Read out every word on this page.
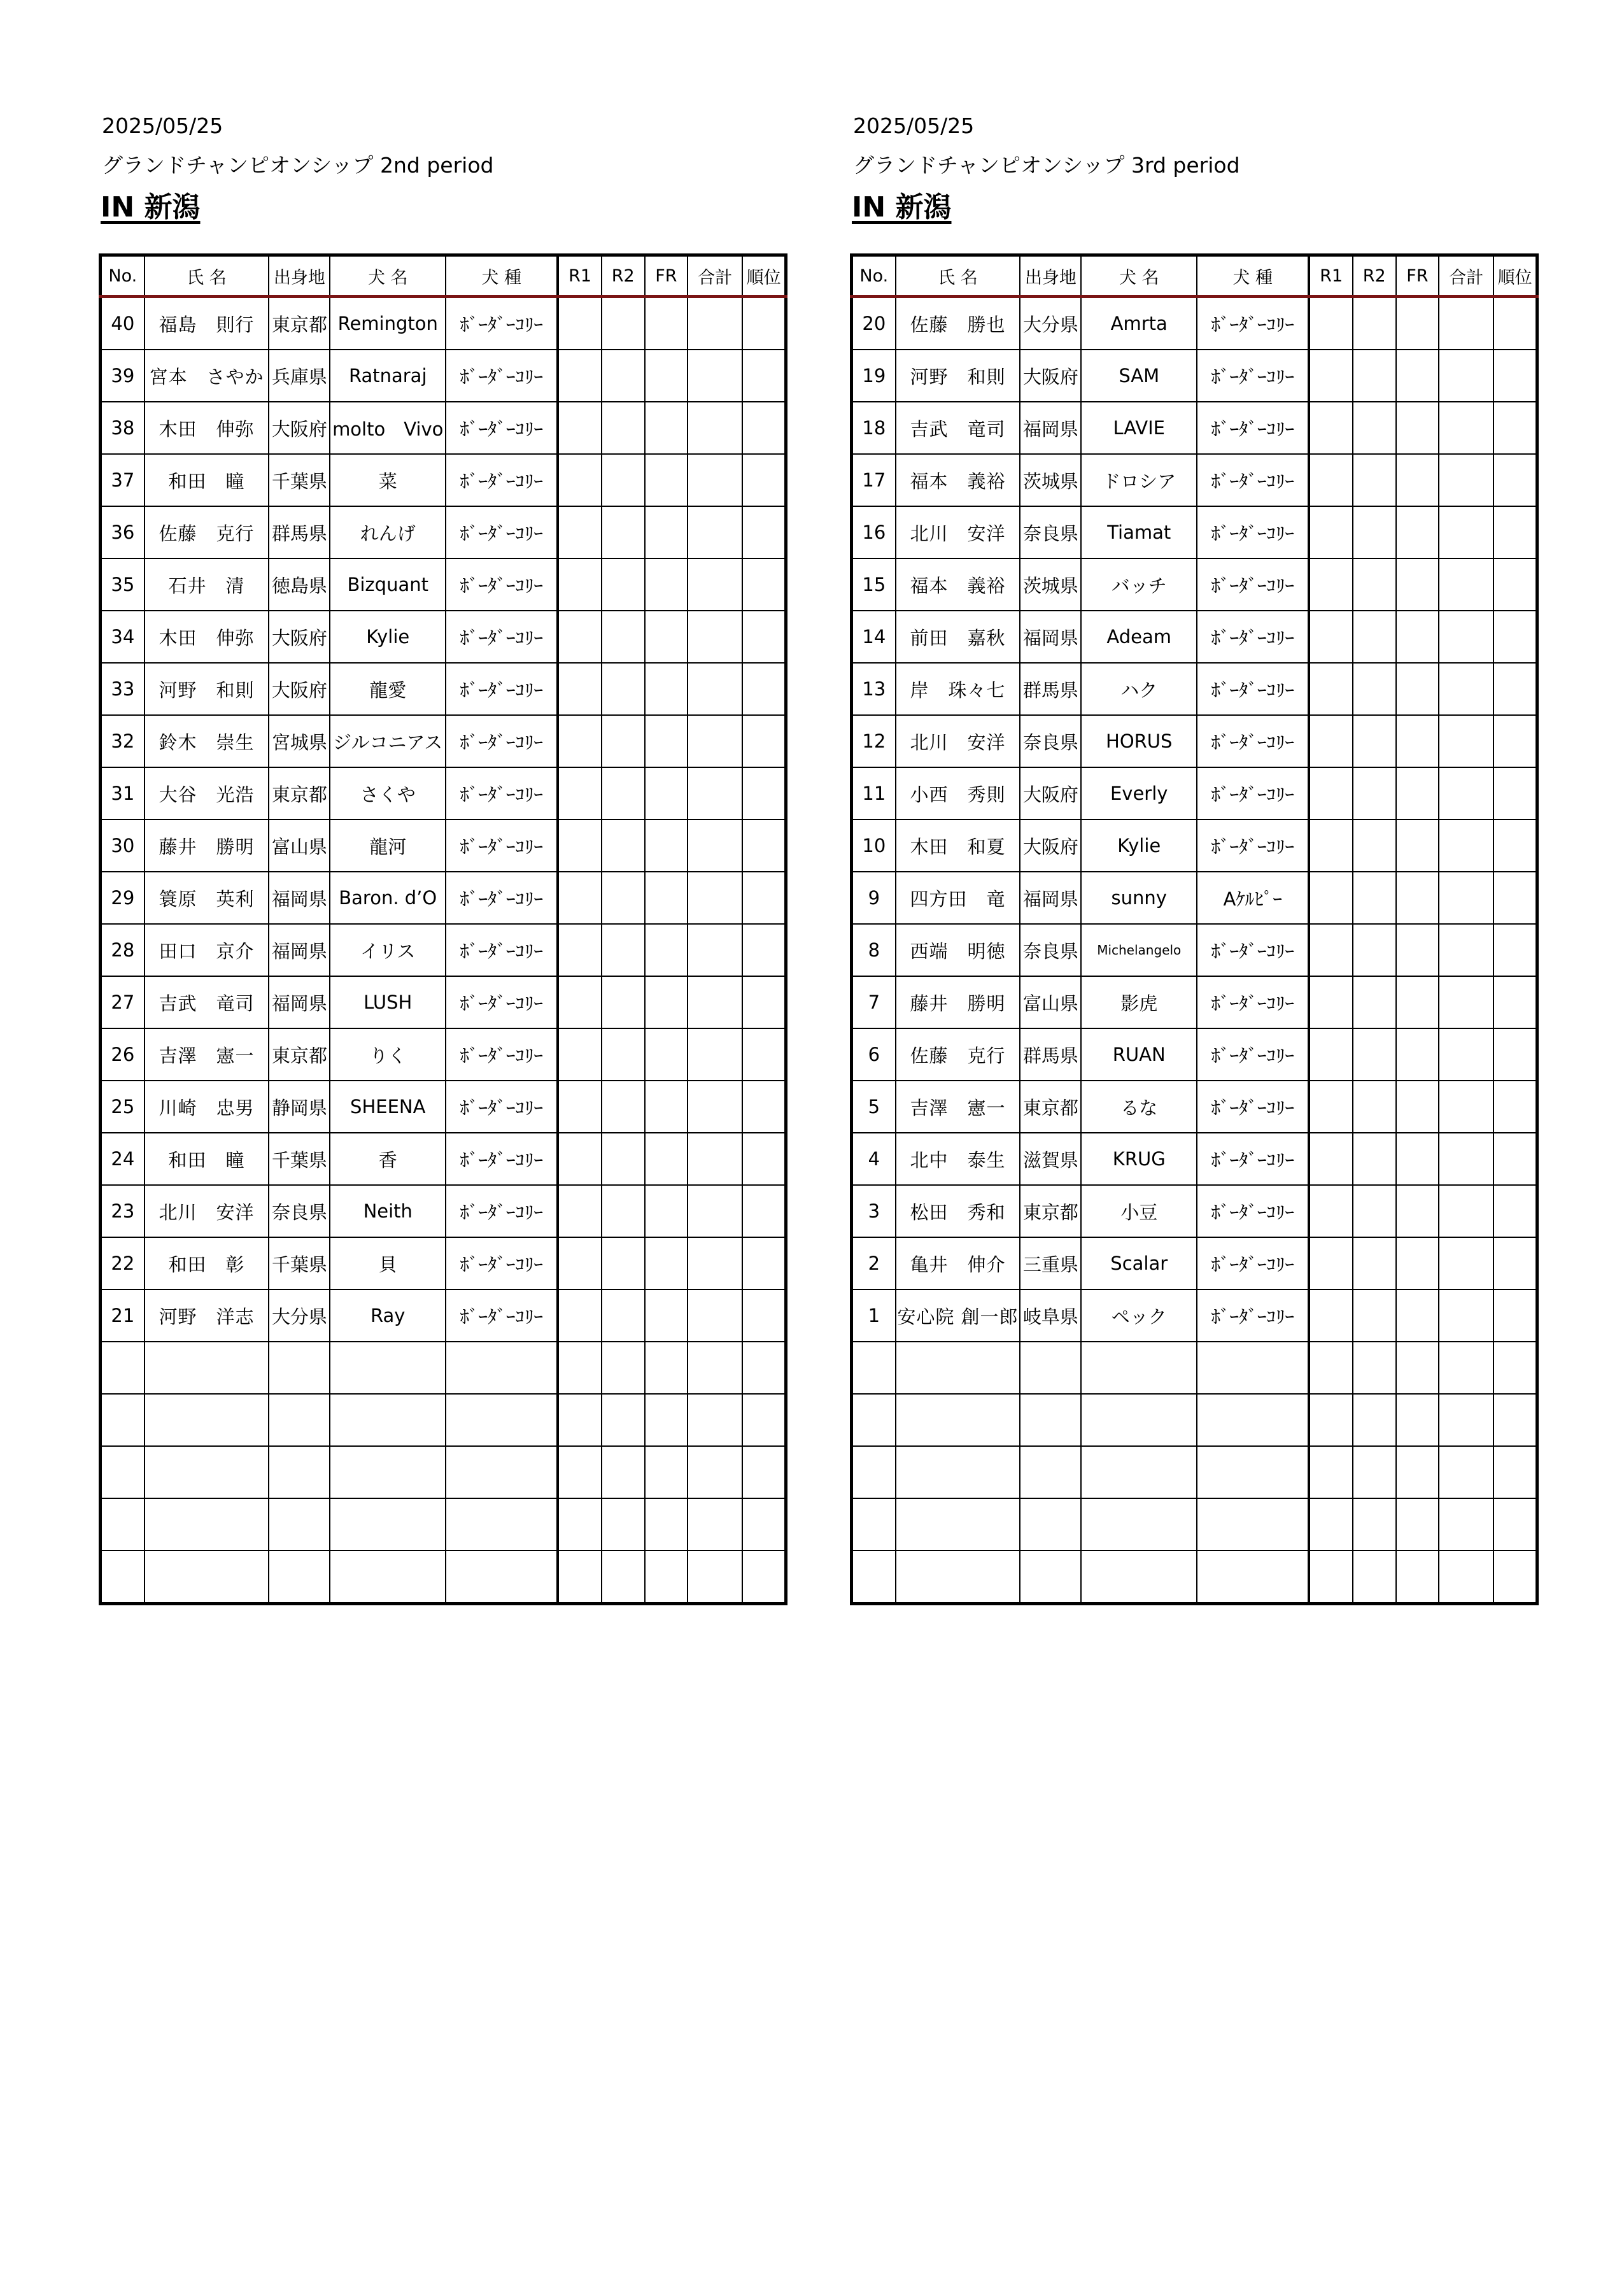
2025/05/25
グランドチャンピオンシップ 2nd period
IN 新潟
No.	氏 名	出身地	犬 名	犬 種	R1	R2	FR	合計	順位
40	福島　則行	東京都	Remington	ﾎﾞｰﾀﾞｰｺﾘｰ					
39	宮本　さやか	兵庫県	Ratnaraj	ﾎﾞｰﾀﾞｰｺﾘｰ					
38	木田　伸弥	大阪府	molto　Vivo	ﾎﾞｰﾀﾞｰｺﾘｰ					
37	和田　瞳	千葉県	菜	ﾎﾞｰﾀﾞｰｺﾘｰ					
36	佐藤　克行	群馬県	れんげ	ﾎﾞｰﾀﾞｰｺﾘｰ					
35	石井　清	徳島県	Bizquant	ﾎﾞｰﾀﾞｰｺﾘｰ					
34	木田　伸弥	大阪府	Kylie	ﾎﾞｰﾀﾞｰｺﾘｰ					
33	河野　和則	大阪府	龍愛	ﾎﾞｰﾀﾞｰｺﾘｰ					
32	鈴木　崇生	宮城県	ジルコニアス	ﾎﾞｰﾀﾞｰｺﾘｰ					
31	大谷　光浩	東京都	さくや	ﾎﾞｰﾀﾞｰｺﾘｰ					
30	藤井　勝明	富山県	龍河	ﾎﾞｰﾀﾞｰｺﾘｰ					
29	簑原　英利	福岡県	Baron. d’O	ﾎﾞｰﾀﾞｰｺﾘｰ					
28	田口　京介	福岡県	イリス	ﾎﾞｰﾀﾞｰｺﾘｰ					
27	吉武　竜司	福岡県	LUSH	ﾎﾞｰﾀﾞｰｺﾘｰ					
26	吉澤　憲一	東京都	りく	ﾎﾞｰﾀﾞｰｺﾘｰ					
25	川崎　忠男	静岡県	SHEENA	ﾎﾞｰﾀﾞｰｺﾘｰ					
24	和田　瞳	千葉県	香	ﾎﾞｰﾀﾞｰｺﾘｰ					
23	北川　安洋	奈良県	Neith	ﾎﾞｰﾀﾞｰｺﾘｰ					
22	和田　彰	千葉県	貝	ﾎﾞｰﾀﾞｰｺﾘｰ					
21	河野　洋志	大分県	Ray	ﾎﾞｰﾀﾞｰｺﾘｰ					

2025/05/25
グランドチャンピオンシップ 3rd period
IN 新潟
No.	氏 名	出身地	犬 名	犬 種	R1	R2	FR	合計	順位
20	佐藤　勝也	大分県	Amrta	ﾎﾞｰﾀﾞｰｺﾘｰ					
19	河野　和則	大阪府	SAM	ﾎﾞｰﾀﾞｰｺﾘｰ					
18	吉武　竜司	福岡県	LAVIE	ﾎﾞｰﾀﾞｰｺﾘｰ					
17	福本　義裕	茨城県	ドロシア	ﾎﾞｰﾀﾞｰｺﾘｰ					
16	北川　安洋	奈良県	Tiamat	ﾎﾞｰﾀﾞｰｺﾘｰ					
15	福本　義裕	茨城県	バッチ	ﾎﾞｰﾀﾞｰｺﾘｰ					
14	前田　嘉秋	福岡県	Adeam	ﾎﾞｰﾀﾞｰｺﾘｰ					
13	岸　珠々七	群馬県	ハク	ﾎﾞｰﾀﾞｰｺﾘｰ					
12	北川　安洋	奈良県	HORUS	ﾎﾞｰﾀﾞｰｺﾘｰ					
11	小西　秀則	大阪府	Everly	ﾎﾞｰﾀﾞｰｺﾘｰ					
10	木田　和夏	大阪府	Kylie	ﾎﾞｰﾀﾞｰｺﾘｰ					
9	四方田　竜	福岡県	sunny	Aｹﾙﾋﾟｰ					
8	西端　明徳	奈良県	Michelangelo	ﾎﾞｰﾀﾞｰｺﾘｰ					
7	藤井　勝明	富山県	影虎	ﾎﾞｰﾀﾞｰｺﾘｰ					
6	佐藤　克行	群馬県	RUAN	ﾎﾞｰﾀﾞｰｺﾘｰ					
5	吉澤　憲一	東京都	るな	ﾎﾞｰﾀﾞｰｺﾘｰ					
4	北中　泰生	滋賀県	KRUG	ﾎﾞｰﾀﾞｰｺﾘｰ					
3	松田　秀和	東京都	小豆	ﾎﾞｰﾀﾞｰｺﾘｰ					
2	亀井　伸介	三重県	Scalar	ﾎﾞｰﾀﾞｰｺﾘｰ					
1	安心院 創一郎	岐阜県	ペック	ﾎﾞｰﾀﾞｰｺﾘｰ					
